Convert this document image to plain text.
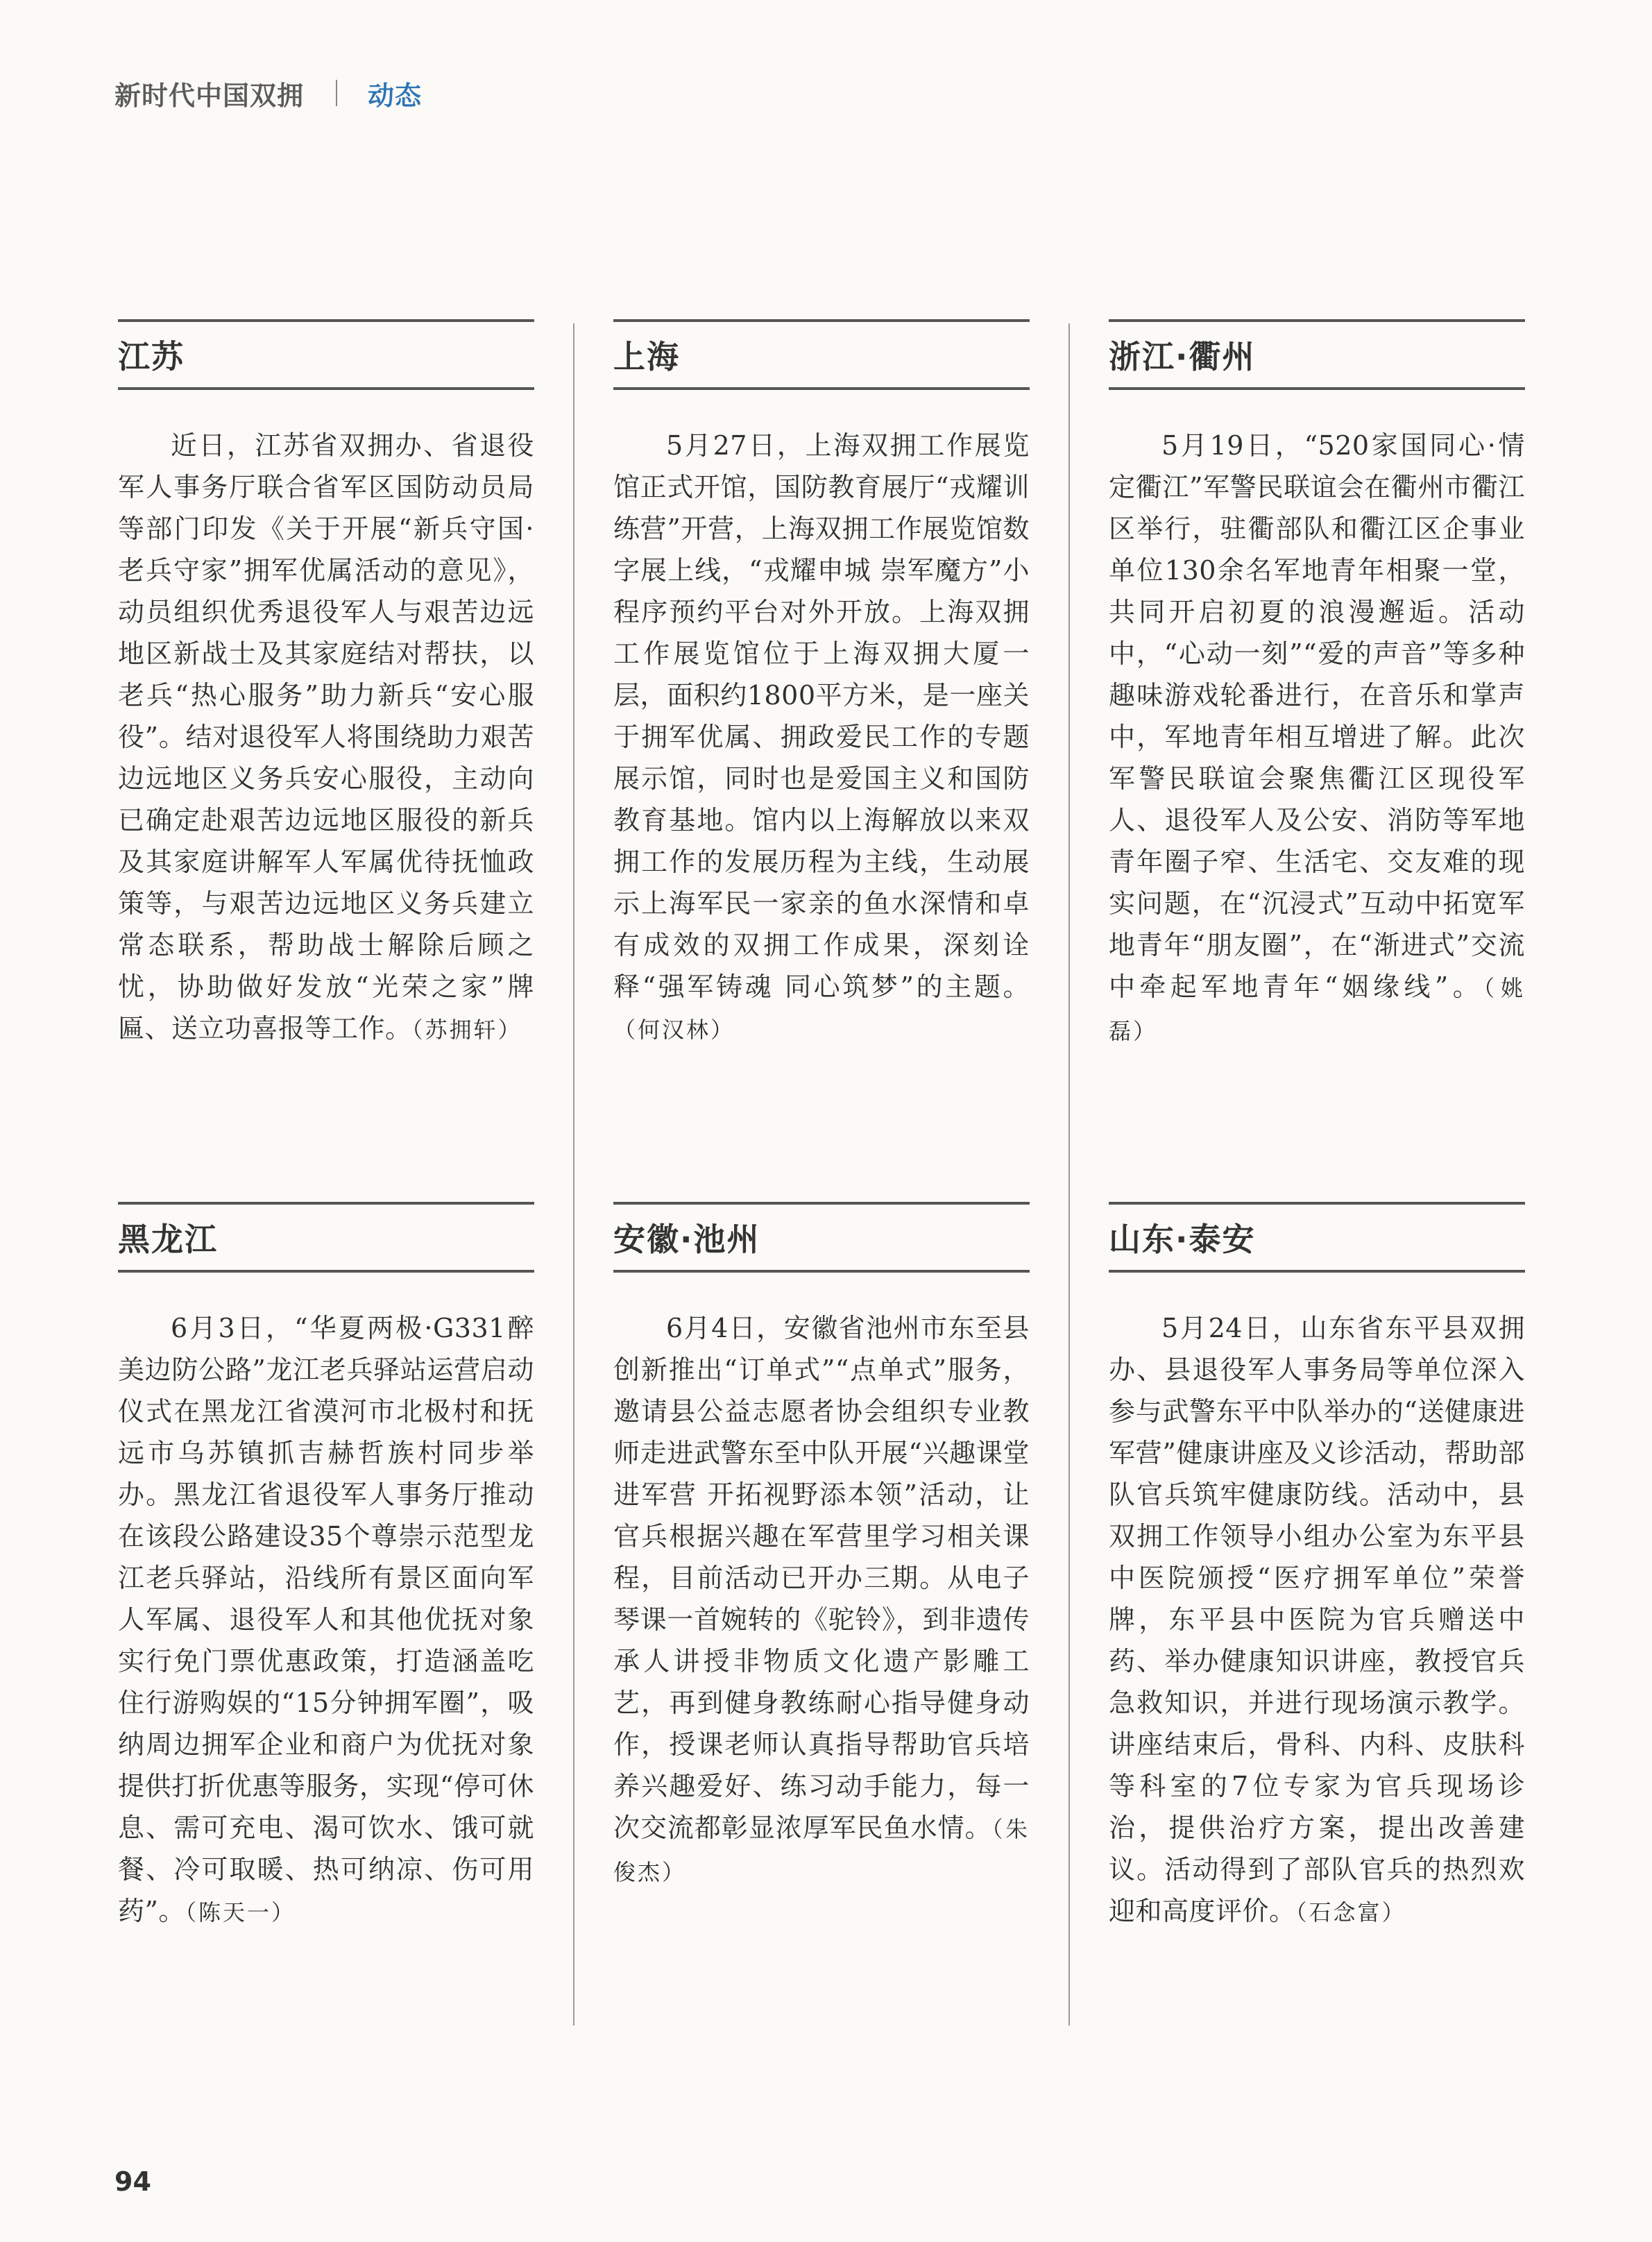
新时代中国双拥 动态
江苏
近日，江苏省双拥办、省退役军人事务厅联合省军区国防动员局等部门印发《关于开展“新兵守国·老兵守家”拥军优属活动的意见》，动员组织优秀退役军人与艰苦边远地区新战士及其家庭结对帮扶，以老兵“热心服务”助力新兵“安心服役”。结对退役军人将围绕助力艰苦边远地区义务兵安心服役，主动向已确定赴艰苦边远地区服役的新兵及其家庭讲解军人军属优待抚恤政策等，与艰苦边远地区义务兵建立常态联系，帮助战士解除后顾之忧，协助做好发放“光荣之家”牌匾、送立功喜报等工作。（苏拥轩）
上海
5月27日，上海双拥工作展览馆正式开馆，国防教育展厅“戎耀训练营”开营，上海双拥工作展览馆数字展上线，“戎耀申城 崇军魔方”小程序预约平台对外开放。上海双拥工作展览馆位于上海双拥大厦一层，面积约1800平方米，是一座关于拥军优属、拥政爱民工作的专题展示馆，同时也是爱国主义和国防教育基地。馆内以上海解放以来双拥工作的发展历程为主线，生动展示上海军民一家亲的鱼水深情和卓有成效的双拥工作成果，深刻诠释“强军铸魂 同心筑梦”的主题。（何汉林）
浙江·衢州
5月19日，“520家国同心·情定衢江”军警民联谊会在衢州市衢江区举行，驻衢部队和衢江区企事业单位130余名军地青年相聚一堂，共同开启初夏的浪漫邂逅。活动中，“心动一刻”“爱的声音”等多种趣味游戏轮番进行，在音乐和掌声中，军地青年相互增进了解。此次军警民联谊会聚焦衢江区现役军人、退役军人及公安、消防等军地青年圈子窄、生活宅、交友难的现实问题，在“沉浸式”互动中拓宽军地青年“朋友圈”，在“渐进式”交流中牵起军地青年“姻缘线”。（姚　磊）
黑龙江
6月3日，“华夏两极·G331醉美边防公路”龙江老兵驿站运营启动仪式在黑龙江省漠河市北极村和抚远市乌苏镇抓吉赫哲族村同步举办。黑龙江省退役军人事务厅推动在该段公路建设35个尊崇示范型龙江老兵驿站，沿线所有景区面向军人军属、退役军人和其他优抚对象实行免门票优惠政策，打造涵盖吃住行游购娱的“15分钟拥军圈”，吸纳周边拥军企业和商户为优抚对象提供打折优惠等服务，实现“停可休息、需可充电、渴可饮水、饿可就餐、冷可取暖、热可纳凉、伤可用药”。（陈天一）
安徽·池州
6月4日，安徽省池州市东至县创新推出“订单式”“点单式”服务，邀请县公益志愿者协会组织专业教师走进武警东至中队开展“兴趣课堂进军营 开拓视野添本领”活动，让官兵根据兴趣在军营里学习相关课程，目前活动已开办三期。从电子琴课一首婉转的《驼铃》，到非遗传承人讲授非物质文化遗产影雕工艺，再到健身教练耐心指导健身动作，授课老师认真指导帮助官兵培养兴趣爱好、练习动手能力，每一次交流都彰显浓厚军民鱼水情。（朱俊杰）
山东·泰安
5月24日，山东省东平县双拥办、县退役军人事务局等单位深入参与武警东平中队举办的“送健康进军营”健康讲座及义诊活动，帮助部队官兵筑牢健康防线。活动中，县双拥工作领导小组办公室为东平县中医院颁授“医疗拥军单位”荣誉牌，东平县中医院为官兵赠送中药、举办健康知识讲座，教授官兵急救知识，并进行现场演示教学。讲座结束后，骨科、内科、皮肤科等科室的7位专家为官兵现场诊治，提供治疗方案，提出改善建议。活动得到了部队官兵的热烈欢迎和高度评价。（石念富）
94
